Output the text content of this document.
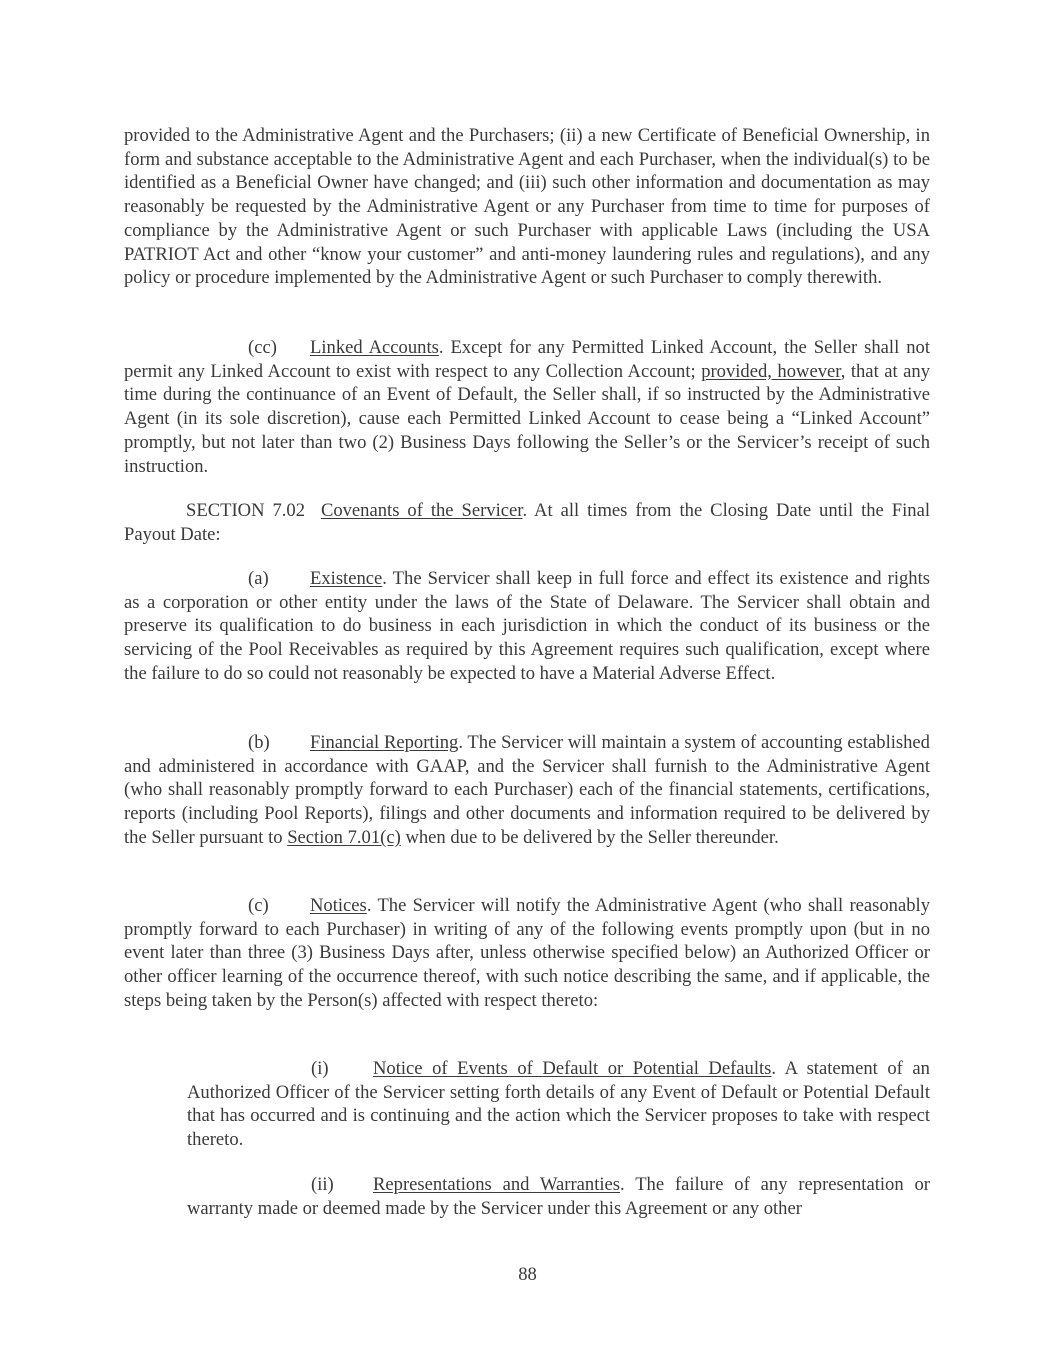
provided to the Administrative Agent and the Purchasers; (ii) a new Certificate of Beneficial Ownership, in form and substance acceptable to the Administrative Agent and each Purchaser, when the individual(s) to be identified as a Beneficial Owner have changed; and (iii) such other information and documentation as may reasonably be requested by the Administrative Agent or any Purchaser from time to time for purposes of compliance by the Administrative Agent or such Purchaser with applicable Laws (including the USA PATRIOT Act and other “know your customer” and anti-money laundering rules and regulations), and any policy or procedure implemented by the Administrative Agent or such Purchaser to comply therewith.

(cc) Linked Accounts. Except for any Permitted Linked Account, the Seller shall not permit any Linked Account to exist with respect to any Collection Account; provided, however, that at any time during the continuance of an Event of Default, the Seller shall, if so instructed by the Administrative Agent (in its sole discretion), cause each Permitted Linked Account to cease being a “Linked Account” promptly, but not later than two (2) Business Days following the Seller’s or the Servicer’s receipt of such instruction.

SECTION 7.02 Covenants of the Servicer. At all times from the Closing Date until the Final Payout Date:

(a) Existence. The Servicer shall keep in full force and effect its existence and rights as a corporation or other entity under the laws of the State of Delaware. The Servicer shall obtain and preserve its qualification to do business in each jurisdiction in which the conduct of its business or the servicing of the Pool Receivables as required by this Agreement requires such qualification, except where the failure to do so could not reasonably be expected to have a Material Adverse Effect.

(b) Financial Reporting. The Servicer will maintain a system of accounting established and administered in accordance with GAAP, and the Servicer shall furnish to the Administrative Agent (who shall reasonably promptly forward to each Purchaser) each of the financial statements, certifications, reports (including Pool Reports), filings and other documents and information required to be delivered by the Seller pursuant to Section 7.01(c) when due to be delivered by the Seller thereunder.

(c) Notices. The Servicer will notify the Administrative Agent (who shall reasonably promptly forward to each Purchaser) in writing of any of the following events promptly upon (but in no event later than three (3) Business Days after, unless otherwise specified below) an Authorized Officer or other officer learning of the occurrence thereof, with such notice describing the same, and if applicable, the steps being taken by the Person(s) affected with respect thereto:

(i) Notice of Events of Default or Potential Defaults. A statement of an Authorized Officer of the Servicer setting forth details of any Event of Default or Potential Default that has occurred and is continuing and the action which the Servicer proposes to take with respect thereto.

(ii) Representations and Warranties. The failure of any representation or warranty made or deemed made by the Servicer under this Agreement or any other

88
